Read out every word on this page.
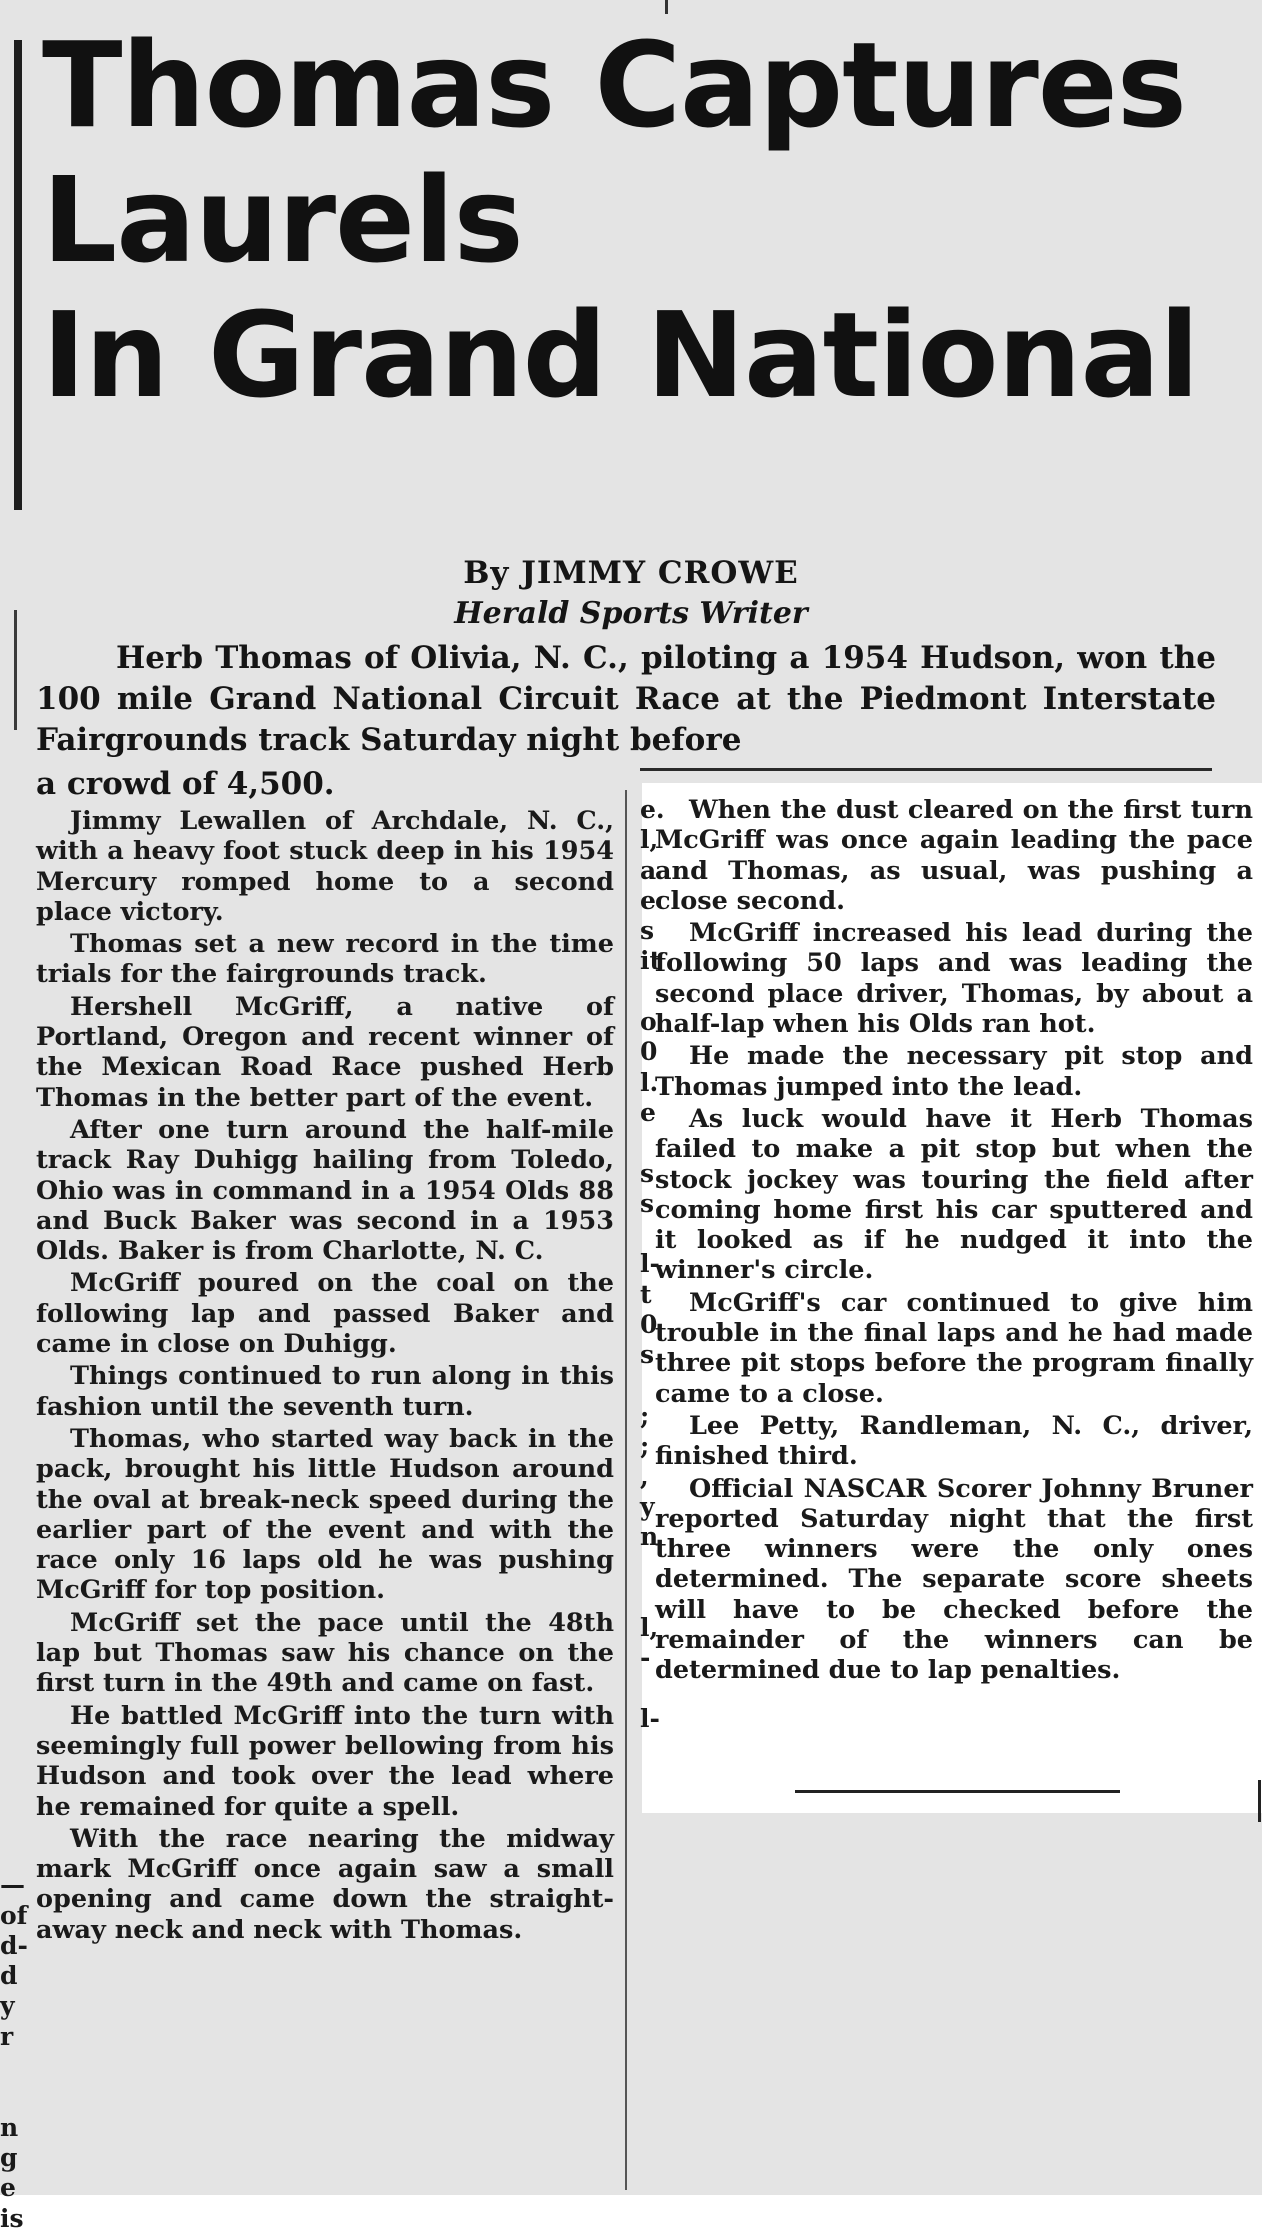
Thomas Captures
Laurels
In Grand National
By JIMMY CROWE
Herald Sports Writer

Herb Thomas of Olivia, N. C., piloting a 1954 Hudson, won the 100 mile Grand National Circuit Race at the Piedmont Interstate Fairgrounds track Saturday night before

a crowd of 4,500.

Jimmy Lewallen of Archdale, N. C., with a heavy foot stuck deep in his 1954 Mercury romped home to a second place victory.

Thomas set a new record in the time trials for the fairgrounds track.

Hershell McGriff, a native of Portland, Oregon and recent winner of the Mexican Road Race pushed Herb Thomas in the better part of the event.

After one turn around the half-mile track Ray Duhigg hailing from Toledo, Ohio was in command in a 1954 Olds 88 and Buck Baker was second in a 1953 Olds. Baker is from Charlotte, N. C.

McGriff poured on the coal on the following lap and passed Baker and came in close on Duhigg.

Things continued to run along in this fashion until the seventh turn.

Thomas, who started way back in the pack, brought his little Hudson around the oval at break-neck speed during the earlier part of the event and with the race only 16 laps old he was pushing McGriff for top position.

McGriff set the pace until the 48th lap but Thomas saw his chance on the first turn in the 49th and came on fast.

He battled McGriff into the turn with seemingly full power bellowing from his Hudson and took over the lead where he remained for quite a spell.

With the race nearing the midway mark McGriff once again saw a small opening and came down the straight-away neck and neck with Thomas.

—
of
d-
d
y
r
n
g
e
is
e.
l,
a
e
s
it
o
0
l.
e
s
s.
l-
t
0
s
;
;
,
y
n
l,
-
l-

When the dust cleared on the first turn McGriff was once again leading the pace and Thomas, as usual, was pushing a close second.

McGriff increased his lead during the following 50 laps and was leading the second place driver, Thomas, by about a half-lap when his Olds ran hot.

He made the necessary pit stop and Thomas jumped into the lead.

As luck would have it Herb Thomas failed to make a pit stop but when the stock jockey was touring the field after coming home first his car sputtered and it looked as if he nudged it into the winner's circle.

McGriff's car continued to give him trouble in the final laps and he had made three pit stops before the program finally came to a close.

Lee Petty, Randleman, N. C., driver, finished third.

Official NASCAR Scorer Johnny Bruner reported Saturday night that the first three winners were the only ones determined. The separate score sheets will have to be checked before the remainder of the winners can be determined due to lap penalties.
